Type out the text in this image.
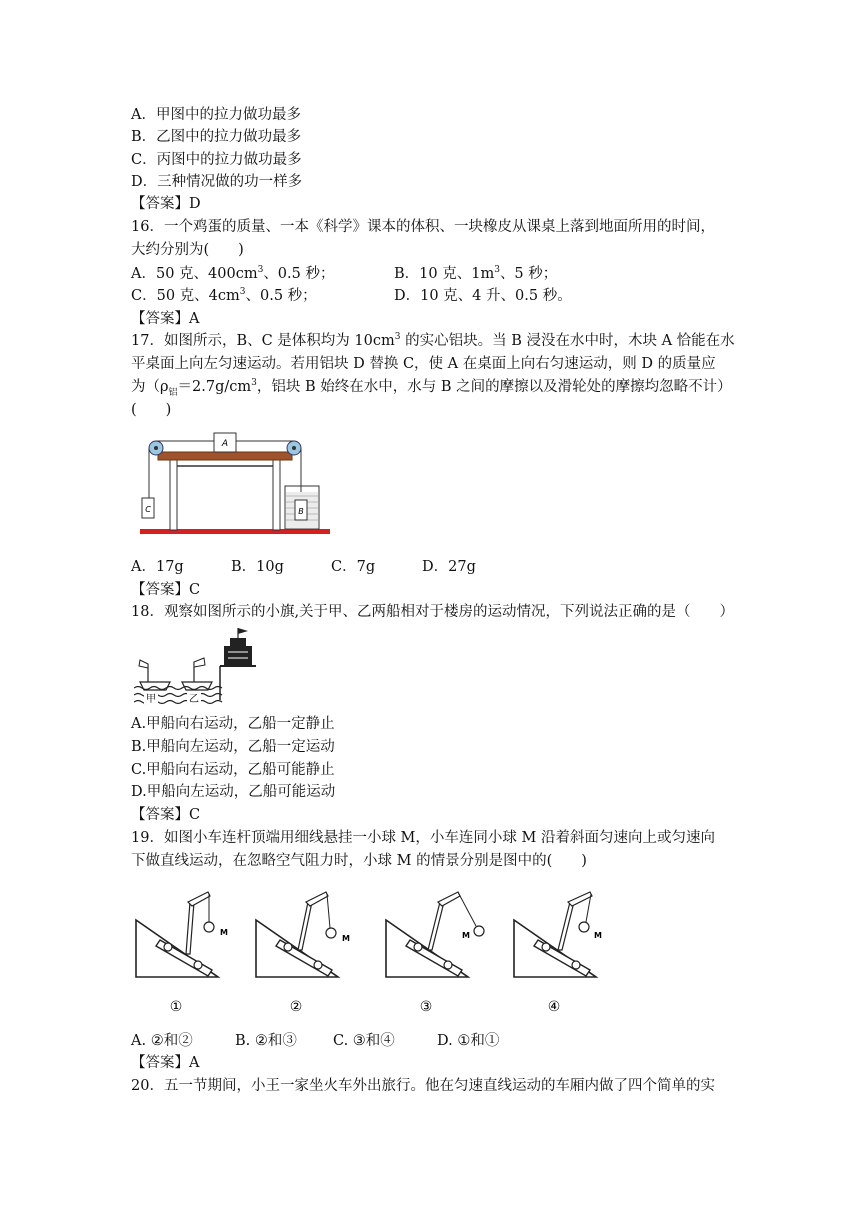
A．甲图中的拉力做功最多
B．乙图中的拉力做功最多
C．丙图中的拉力做功最多
D．三种情况做的功一样多
【答案】D
16．一个鸡蛋的质量、一本《科学》课本的体积、一块橡皮从课桌上落到地面所用的时间，
大约分别为(　　)
A．50 克、$400cm^3$、0.5 秒；	B．10 克、$1m^3$、5 秒；
C．50 克、$4cm^3$、0.5 秒；	D．10 克、4 升、0.5 秒。
【答案】A
17．如图所示，B、C 是体积均为 $10cm^3$ 的实心铝块。当 B 浸没在水中时，木块 A 恰能在水
平桌面上向左匀速运动。若用铝块 D 替换 C，使 A 在桌面上向右匀速运动，则 D 的质量应
为（$\rho_铝=2.7g/cm^3$，铝块 B 始终在水中，水与 B 之间的摩擦以及滑轮处的摩擦均忽略不计）
(　　)
A
C	B
A．17g	B．10g	C．7g	D．27g
【答案】C
18．观察如图所示的小旗,关于甲、乙两船相对于楼房的运动情况，下列说法正确的是（　　）
甲	乙
A.甲船向右运动，乙船一定静止
B.甲船向左运动，乙船一定运动
C.甲船向右运动，乙船可能静止
D.甲船向左运动，乙船可能运动
【答案】C
19．如图小车连杆顶端用细线悬挂一小球 M，小车连同小球 M 沿着斜面匀速向上或匀速向
下做直线运动，在忽略空气阻力时，小球 M 的情景分别是图中的(　　)
M
①
M
②
M
③
M
④
A. ②和②	B. ②和③ C. ③和④	D. ①和①
【答案】A
20．五一节期间，小王一家坐火车外出旅行。他在匀速直线运动的车厢内做了四个简单的实
